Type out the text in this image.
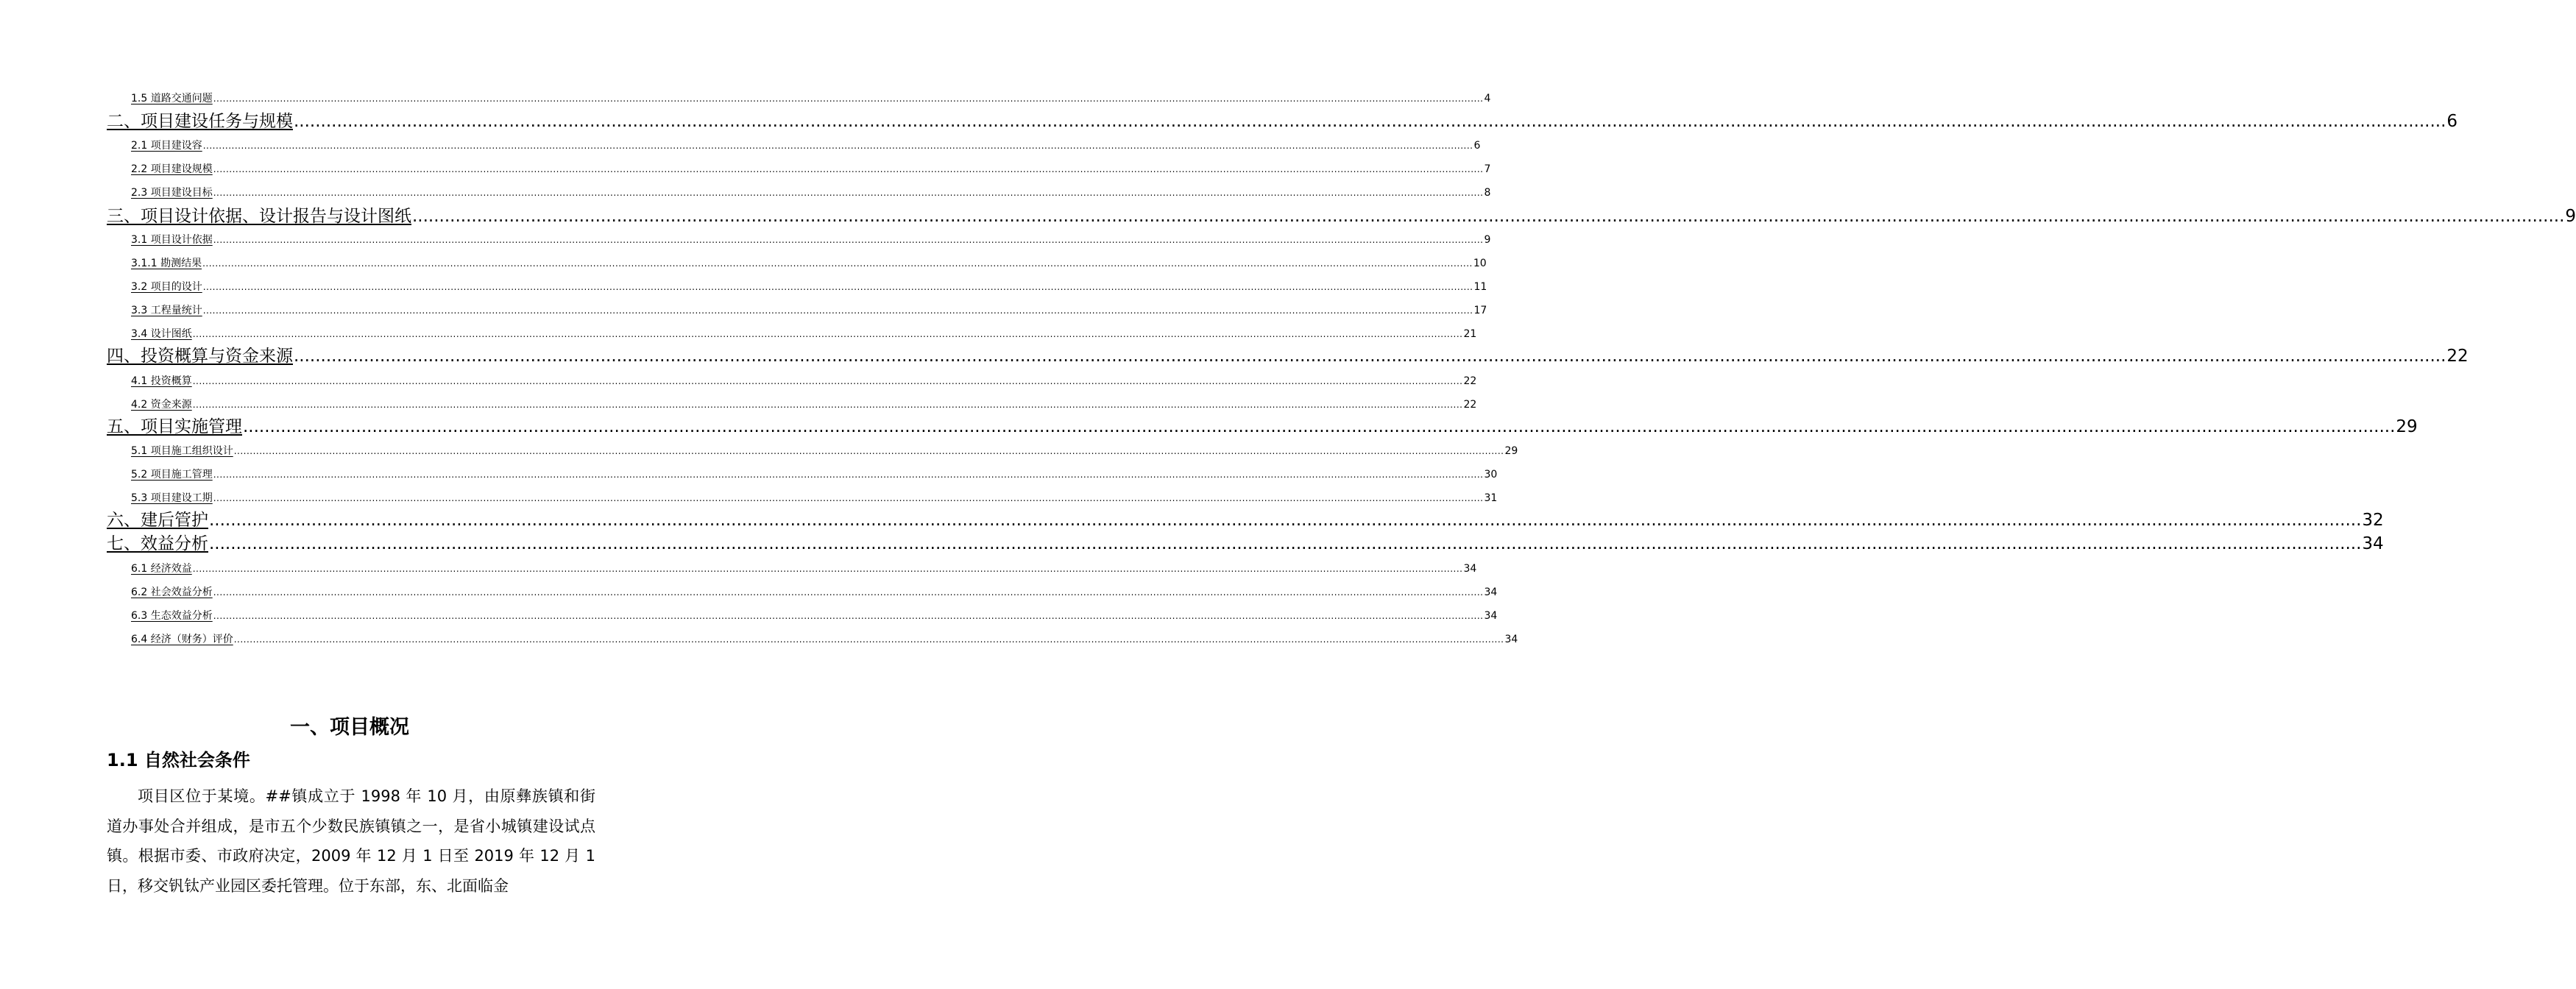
1.5 道路交通问题 ................................................................................................................................................................................................................................................................................................................................................................................................................ 4
二、项目建设任务与规模 ................................................................................................................................................................................................................................................................................................................................................................................................................ 6
2.1 项目建设容 ................................................................................................................................................................................................................................................................................................................................................................................................................ 6
2.2 项目建设规模 ................................................................................................................................................................................................................................................................................................................................................................................................................ 7
2.3 项目建设目标 ................................................................................................................................................................................................................................................................................................................................................................................................................ 8
三、项目设计依据、设计报告与设计图纸 ................................................................................................................................................................................................................................................................................................................................................................................................................ 9
3.1 项目设计依据 ................................................................................................................................................................................................................................................................................................................................................................................................................ 9
3.1.1 勘测结果 ................................................................................................................................................................................................................................................................................................................................................................................................................ 10
3.2 项目的设计 ................................................................................................................................................................................................................................................................................................................................................................................................................ 11
3.3 工程量统计 ................................................................................................................................................................................................................................................................................................................................................................................................................ 17
3.4 设计图纸 ................................................................................................................................................................................................................................................................................................................................................................................................................ 21
四、投资概算与资金来源 ................................................................................................................................................................................................................................................................................................................................................................................................................ 22
4.1 投资概算 ................................................................................................................................................................................................................................................................................................................................................................................................................ 22
4.2 资金来源 ................................................................................................................................................................................................................................................................................................................................................................................................................ 22
五、项目实施管理 ................................................................................................................................................................................................................................................................................................................................................................................................................ 29
5.1 项目施工组织设计 ................................................................................................................................................................................................................................................................................................................................................................................................................ 29
5.2 项目施工管理 ................................................................................................................................................................................................................................................................................................................................................................................................................ 30
5.3 项目建设工期 ................................................................................................................................................................................................................................................................................................................................................................................................................ 31
六、建后管护 ................................................................................................................................................................................................................................................................................................................................................................................................................ 32
七、效益分析 ................................................................................................................................................................................................................................................................................................................................................................................................................ 34
6.1 经济效益 ................................................................................................................................................................................................................................................................................................................................................................................................................ 34
6.2 社会效益分析 ................................................................................................................................................................................................................................................................................................................................................................................................................ 34
6.3 生态效益分析 ................................................................................................................................................................................................................................................................................................................................................................................................................ 34
6.4 经济（财务）评价 ................................................................................................................................................................................................................................................................................................................................................................................................................ 34
一、项目概况
1.1 自然社会条件

项目区位于某境。##镇成立于 1998 年 10 月，由原彝族镇和街道办事处合并组成，是市五个少数民族镇镇之一，是省小城镇建设试点镇。根据市委、市政府决定，2009 年 12 月 1 日至 2019 年 12 月 1 日，移交钒钛产业园区委托管理。位于东部，东、北面临金
